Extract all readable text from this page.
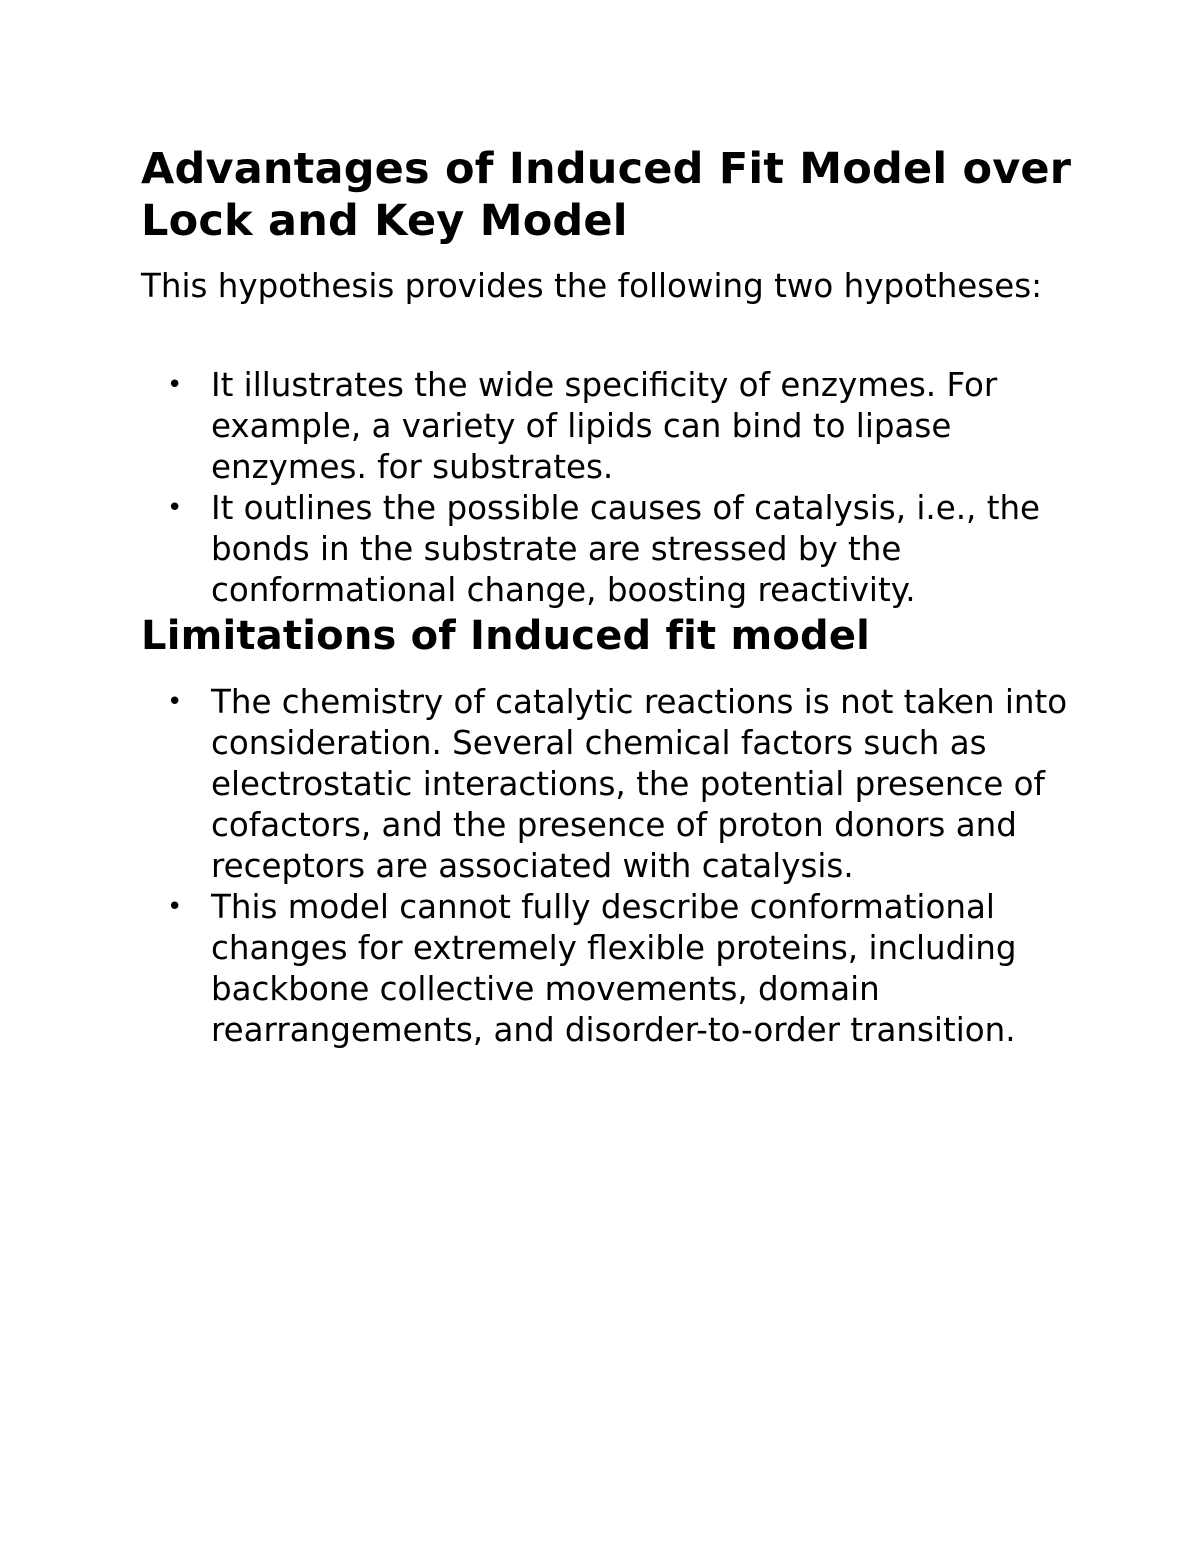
Advantages of Induced Fit Model over Lock and Key Model

This hypothesis provides the following two hypotheses:

• It illustrates the wide specificity of enzymes. For example, a variety of lipids can bind to lipase enzymes. for substrates.
• It outlines the possible causes of catalysis, i.e., the bonds in the substrate are stressed by the conformational change, boosting reactivity.
Limitations of Induced fit model
• The chemistry of catalytic reactions is not taken into consideration. Several chemical factors such as electrostatic interactions, the potential presence of cofactors, and the presence of proton donors and receptors are associated with catalysis.
• This model cannot fully describe conformational changes for extremely flexible proteins, including backbone collective movements, domain rearrangements, and disorder-to-order transition.
